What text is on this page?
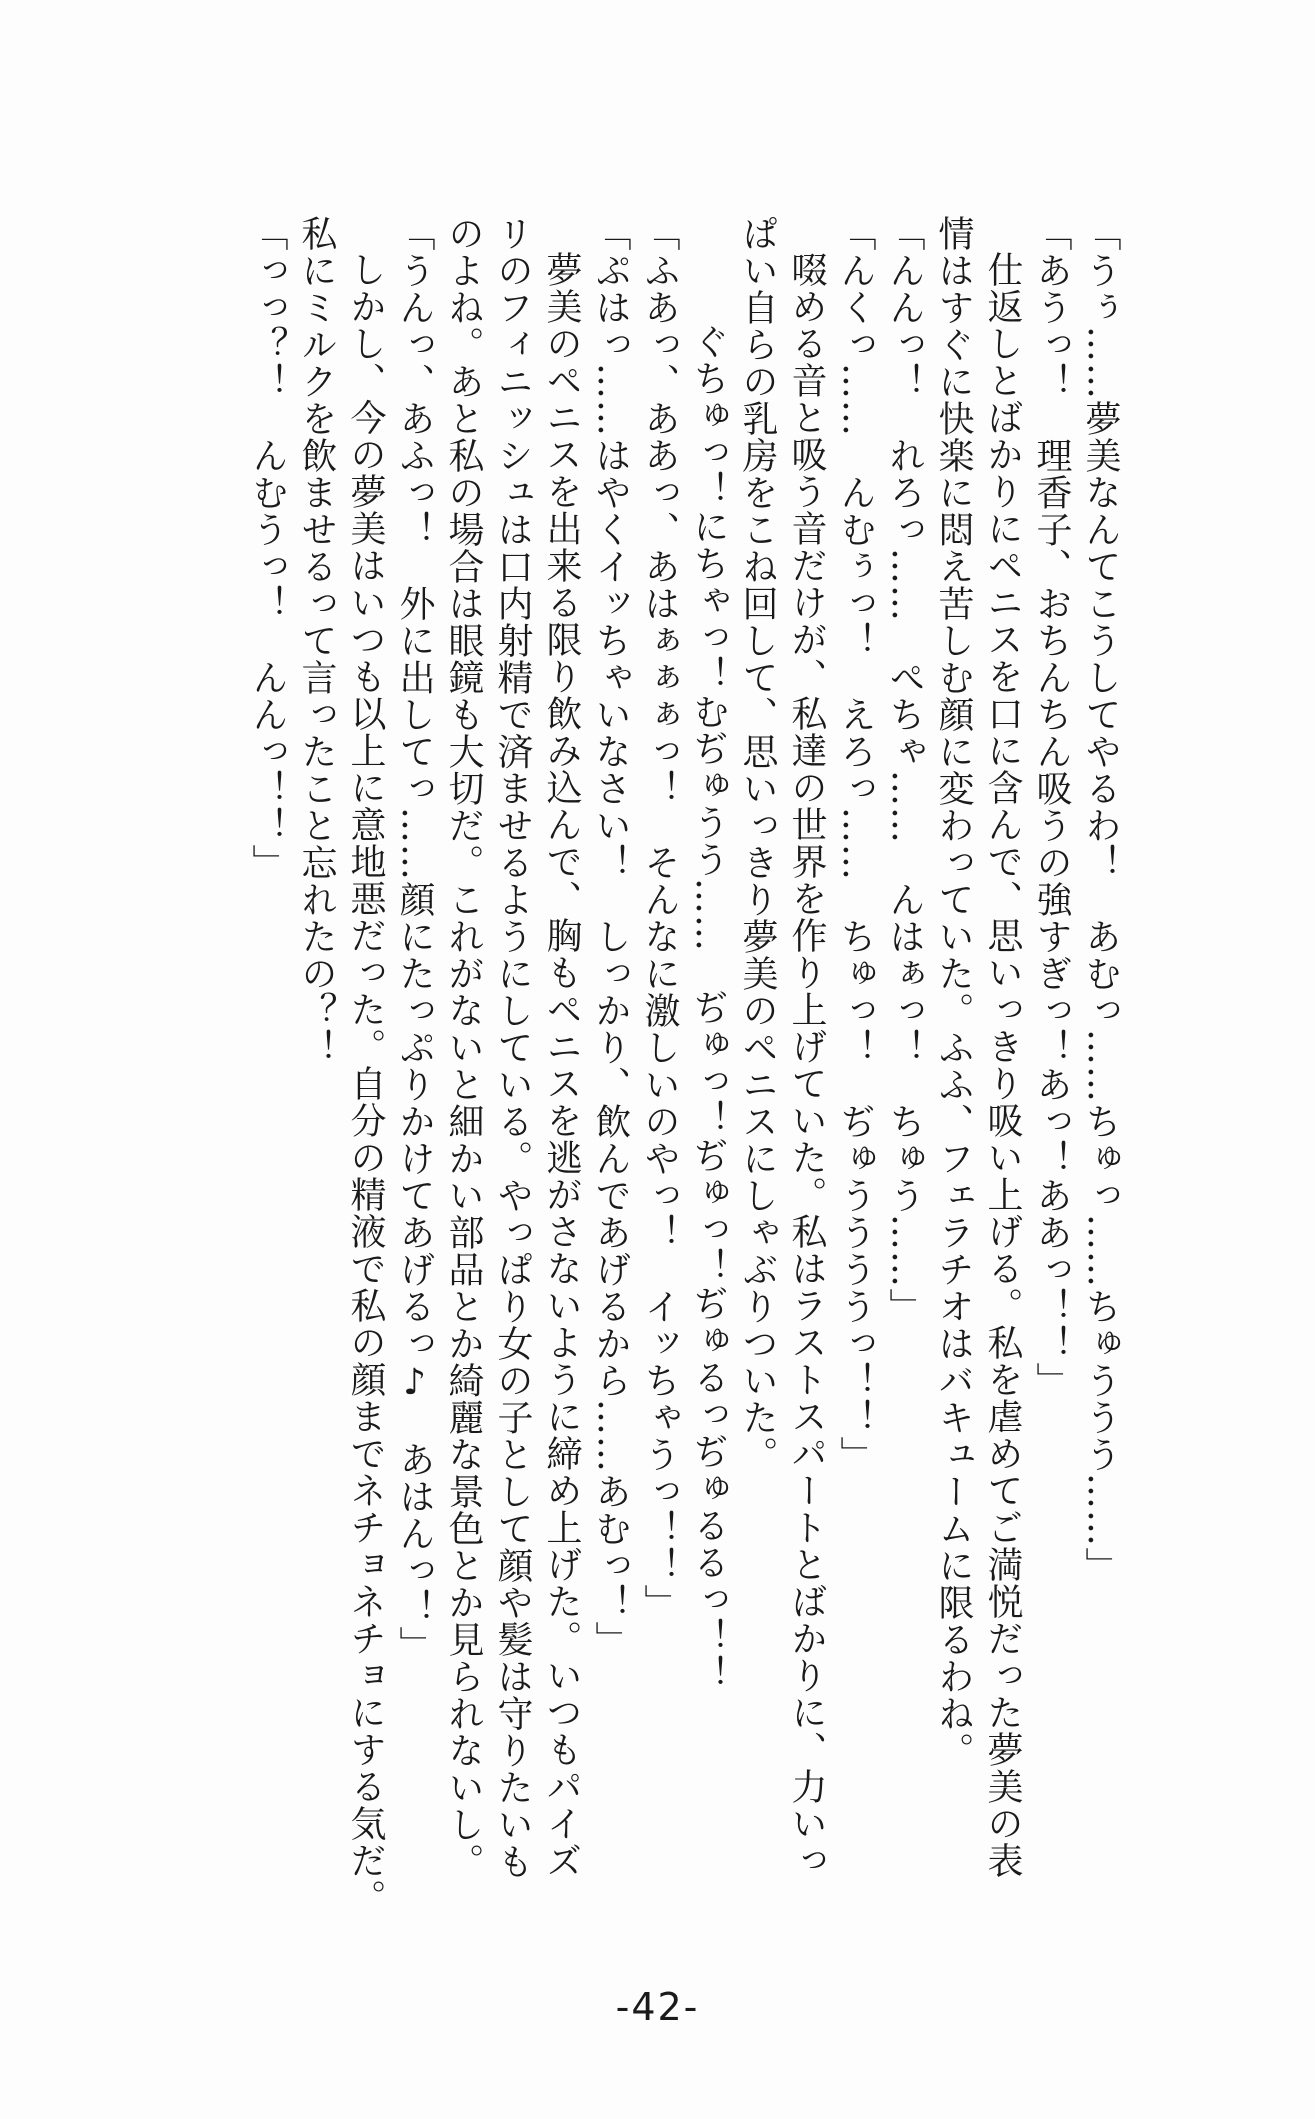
「うぅ……夢美なんてこうしてやるわ！　あむっ……ちゅっ……ちゅううう……」
「あうっ！　理香子、おちんちん吸うの強すぎっ！あっ！ああっ！！」
仕返しとばかりにペニスを口に含んで、思いっきり吸い上げる。私を虐めてご満悦だった夢美の表
情はすぐに快楽に悶え苦しむ顔に変わっていた。ふふ、フェラチオはバキュームに限るわね。
「んんっ！　れろっ……　ぺちゃ……　んはぁっ！　ちゅう……」
「んくっ……　んむぅっ！　えろっ……　ちゅっ！　ぢゅううううっ！！」
啜める音と吸う音だけが、私達の世界を作り上げていた。私はラストスパートとばかりに、力いっ
ぱい自らの乳房をこね回して、思いっきり夢美のペニスにしゃぶりついた。
ぐちゅっ！にちゃっ！むぢゅうう……　ぢゅっ！ぢゅっ！ぢゅるっぢゅるるっ！！
「ふあっ、ああっ、あはぁぁぁっ！　そんなに激しいのやっ！　イッちゃうっ！！」
「ぷはっ……はやくイッちゃいなさい！　しっかり、飲んであげるから……あむっ！」
夢美のペニスを出来る限り飲み込んで、胸もペニスを逃がさないように締め上げた。いつもパイズ
リのフィニッシュは口内射精で済ませるようにしている。やっぱり女の子として顔や髪は守りたいも
のよね。あと私の場合は眼鏡も大切だ。これがないと細かい部品とか綺麗な景色とか見られないし。
「うんっ、あふっ！　外に出してっ……顔にたっぷりかけてあげるっ♪　あはんっ！」
しかし、今の夢美はいつも以上に意地悪だった。自分の精液で私の顔までネチョネチョにする気だ。
私にミルクを飲ませるって言ったこと忘れたの？！
「っっ？！　んむうっ！　んんっ！！」
-42-
